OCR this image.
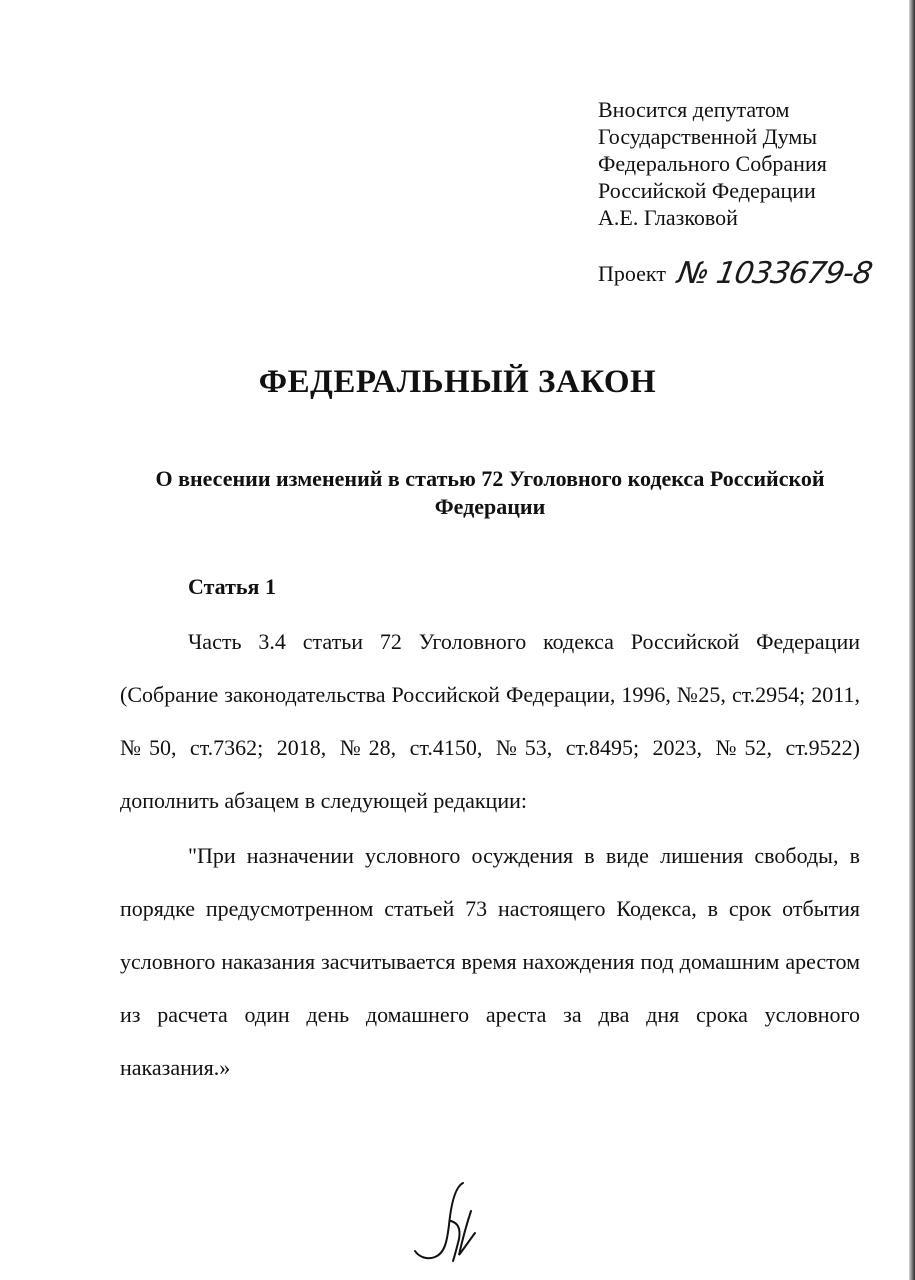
Вносится депутатом
Государственной Думы
Федерального Собрания
Российской Федерации
А.Е. Глазковой
Проект № 1033679-8
ФЕДЕРАЛЬНЫЙ ЗАКОН
О внесении изменений в статью 72 Уголовного кодекса Российской Федерации
Статья 1
Часть 3.4 статьи 72 Уголовного кодекса Российской Федерации (Собрание законодательства Российской Федерации, 1996, №25, ст.2954; 2011, №50, ст.7362; 2018, №28, ст.4150, №53, ст.8495; 2023, №52, ст.9522) дополнить абзацем в следующей редакции:
"При назначении условного осуждения в виде лишения свободы, в порядке предусмотренном статьей 73 настоящего Кодекса, в срок отбытия условного наказания засчитывается время нахождения под домашним арестом из расчета один день домашнего ареста за два дня срока условного наказания.»
